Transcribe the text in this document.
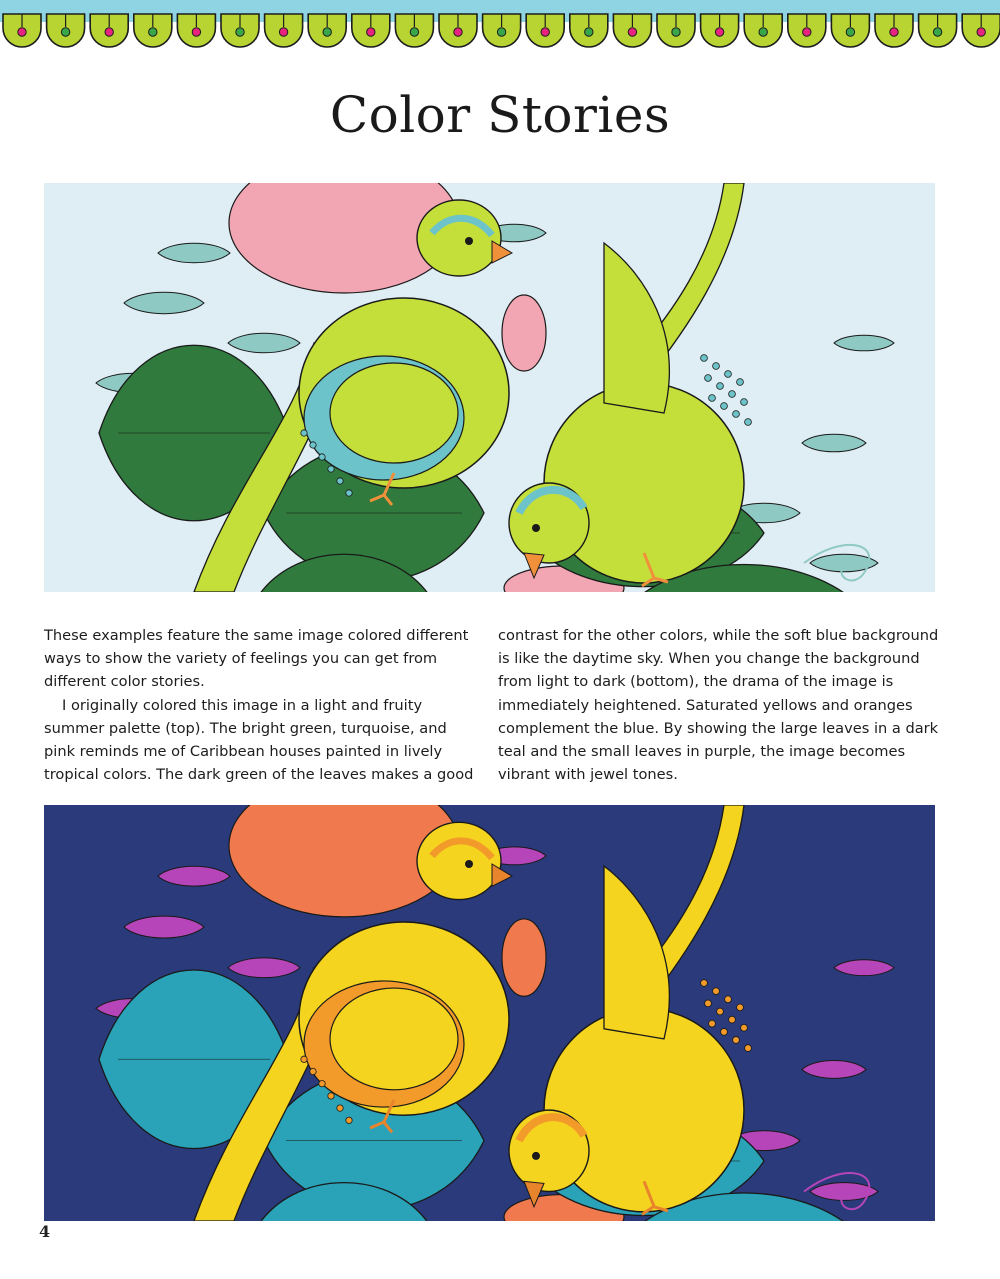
Color Stories
These examples feature the same image colored different
ways to show the variety of feelings you can get from
different color stories.
I originally colored this image in a light and fruity
summer palette (top). The bright green, turquoise, and
pink reminds me of Caribbean houses painted in lively
tropical colors. The dark green of the leaves makes a good
contrast for the other colors, while the soft blue background
is like the daytime sky. When you change the background
from light to dark (bottom), the drama of the image is
immediately heightened. Saturated yellows and oranges
complement the blue. By showing the large leaves in a dark
teal and the small leaves in purple, the image becomes
vibrant with jewel tones.
4
